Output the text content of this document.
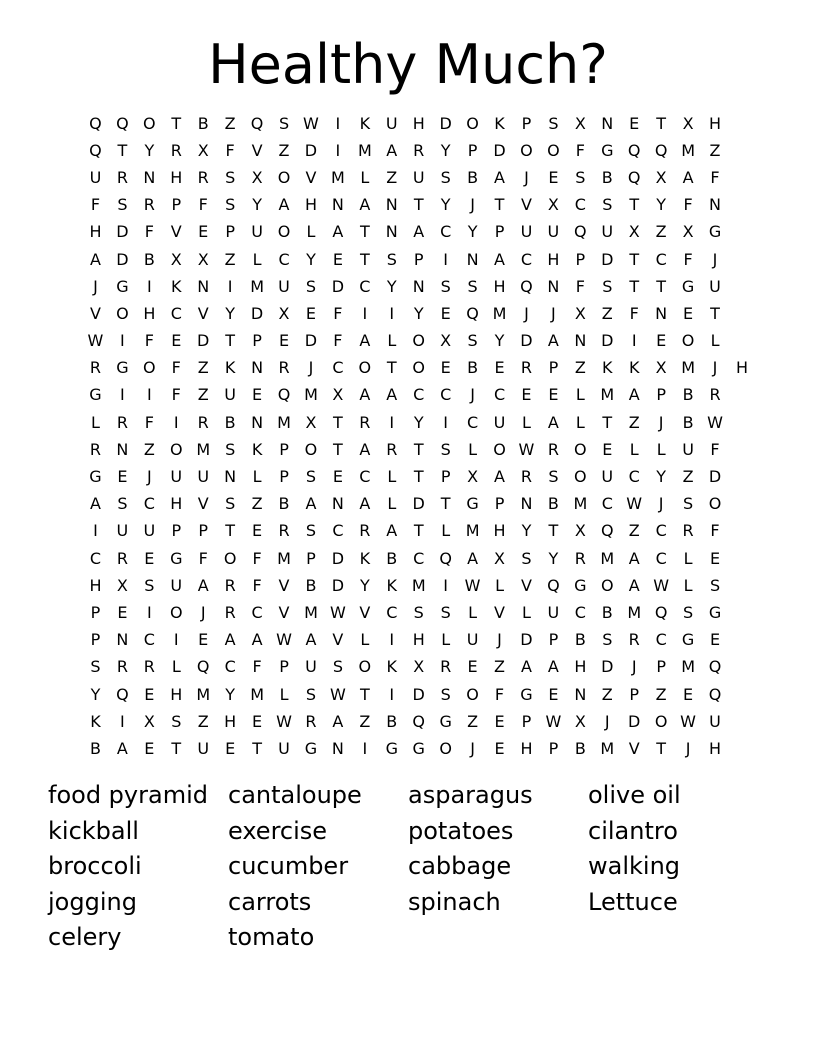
Healthy Much?
Q Q O T	B Z Q S W	I	K U H D O K	P	S	X N E	T	X H
Q T	Y	R X	F	V Z D	I	M A R	Y	P D O O	F	G Q Q M Z
U R N H R	S	X O V M L	Z U	S	B A	J	E	S	B Q X A	F
F	S	R	P	F	S	Y	A H N A N	T	Y	J	T	V X C	S	T	Y	F	N
H D	F	V	E	P	U O	L	A	T	N A C	Y	P	U U Q U X Z X G
A D B X X Z	L	C	Y	E	T	S	P	I	N A C H	P D T	C	F	J
J	G	I	K N	I	M U	S D C	Y	N S	S H Q N	F	S	T	T G U
V O H C V	Y D X	E	F	I	I	Y	E Q M	J	J	X Z	F	N E	T
W	I	F	E D T	P	E D	F	A	L	O X	S	Y D A N D	I	E O	L
R G O	F	Z	K N R	J	C O T O E	B	E	R	P	Z	K	K	X M	J	H
G	I	I	F	Z U	E Q M X A A C C	J	C	E	E	L M A	P	B R
L	R	F	I	R B N M X	T	R	I	Y	I	C U	L	A	L	T	Z	J	B W
R N Z O M S	K	P O T	A R	T	S	L	O W R O E	L	L	U	F
G E	J	U U N	L	P	S	E	C	L	T	P	X A R	S O U C	Y	Z D
A	S	C H V	S	Z B A N A	L	D T G P	N B M C W	J	S O
I	U U	P	P	T	E	R	S	C R A	T	L M H	Y	T	X Q Z C R	F
C R	E G	F	O	F M P D K	B C Q A X	S	Y	R M A C	L	E
H X	S	U A R	F	V B D Y	K M	I	W L	V Q G O A W L	S
P	E	I	O	J	R C V M W V C	S	S	L	V	L	U C B M Q S G
P	N C	I	E	A A W A V	L	I	H	L	U	J	D P	B	S	R C G E
S	R R	L	Q C	F	P	U	S O K	X R	E	Z A A H D	J	P M Q
Y Q E H M Y M L	S W T	I	D S O	F	G E N Z	P	Z	E Q
K	I	X	S	Z H E W R A Z B Q G Z	E	P W X	J	D O W U
B A	E	T	U	E	T	U G N	I	G G O	J	E H	P	B M V	T	J	H
food pyramid
kickball
broccoli
jogging
celery
cantaloupe
exercise
cucumber
carrots
tomato
asparagus
potatoes
cabbage
spinach
olive oil
cilantro
walking
Lettuce
